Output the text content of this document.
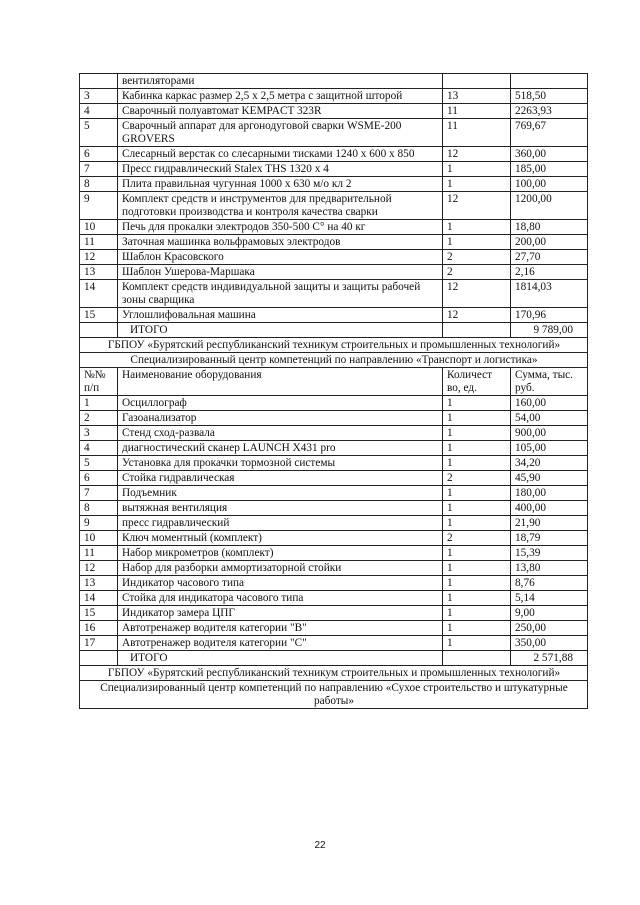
	вентиляторами		
3	Кабинка каркас размер 2,5 х 2,5 метра с защитной шторой	13	518,50
4	Сварочный полуавтомат KEMPACT 323R	11	2263,93
5	Сварочный аппарат для аргонодуговой сварки WSME-200 GROVERS	11	769,67
6	Слесарный верстак со слесарными тисками 1240 х 600 х 850	12	360,00
7	Пресс гидравлический Stalex THS 1320 x 4	1	185,00
8	Плита правильная чугунная 1000 х 630 м/о кл 2	1	100,00
9	Комплект средств и инструментов для предварительной подготовки производства и контроля качества сварки	12	1200,00
10	Печь для прокалки электродов 350-500 С° на 40 кг	1	18,80
11	Заточная машинка вольфрамовых электродов	1	200,00
12	Шаблон Красовского	2	27,70
13	Шаблон Ушерова-Маршака	2	2,16
14	Комплект средств индивидуальной защиты и защиты рабочей зоны сварщика	12	1814,03
15	Углошлифовальная машина	12	170,96
	ИТОГО		9 789,00
ГБПОУ «Бурятский республиканский техникум строительных и промышленных технологий»			
Специализированный центр компетенций по направлению «Транспорт и логистика»			
№№ п/п	Наименование оборудования	Количест во, ед.	Сумма, тыс. руб.
1	Осциллограф	1	160,00
2	Газоанализатор	1	54,00
3	Стенд сход-развала	1	900,00
4	диагностический сканер LAUNCH X431 pro	1	105,00
5	Установка для прокачки тормозной системы	1	34,20
6	Стойка гидравлическая	2	45,90
7	Подъемник	1	180,00
8	вытяжная вентиляция	1	400,00
9	пресс гидравлический	1	21,90
10	Ключ моментный (комплект)	2	18,79
11	Набор микрометров (комплект)	1	15,39
12	Набор для разборки аммортизаторной стойки	1	13,80
13	Индикатор часового типа	1	8,76
14	Стойка для индикатора часового типа	1	5,14
15	Индикатор замера ЦПГ	1	9,00
16	Автотренажер водителя категории "В"	1	250,00
17	Автотренажер водителя категории "С"	1	350,00
	ИТОГО		2 571,88
ГБПОУ «Бурятский республиканский техникум строительных и промышленных технологий»			
Специализированный центр компетенций по направлению «Сухое строительство и штукатурные работы»			
22
